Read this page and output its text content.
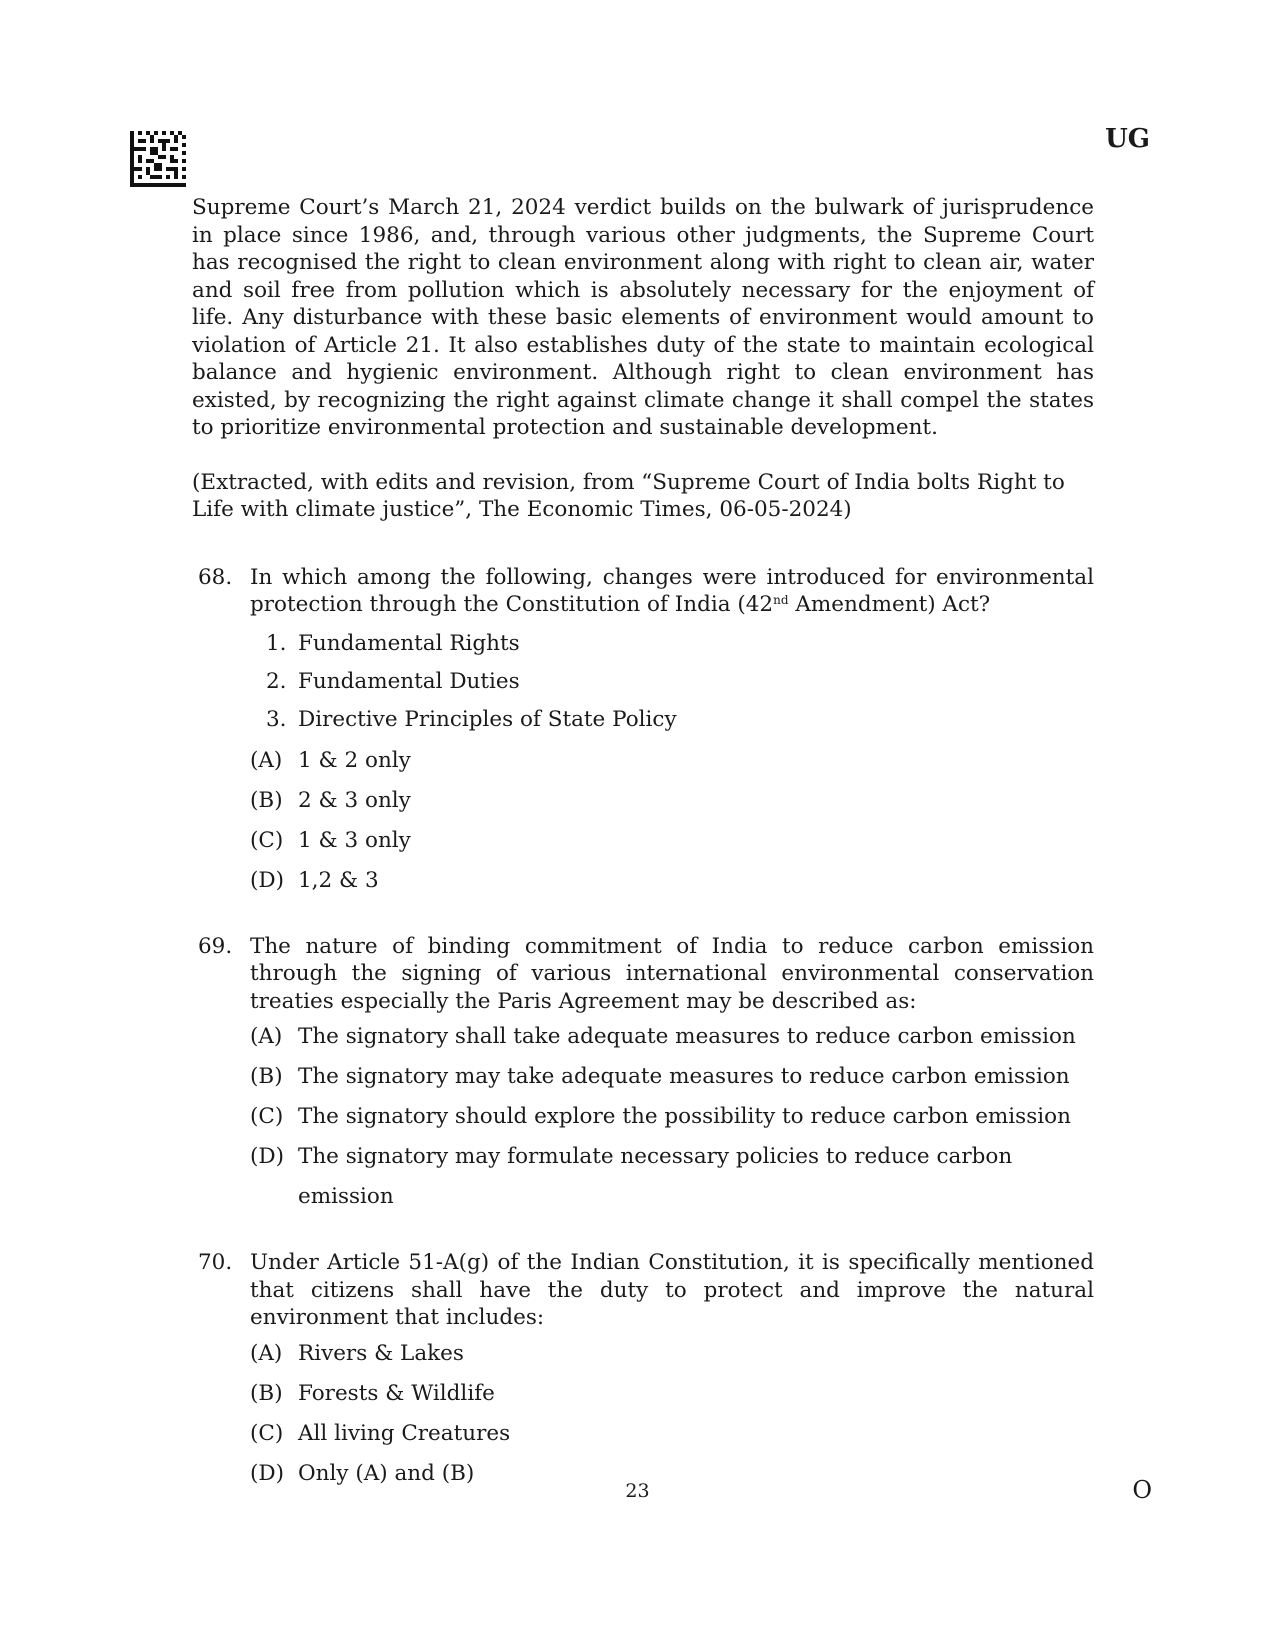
UG

Supreme Court’s March 21, 2024 verdict builds on the bulwark of jurisprudence in place since 1986, and, through various other judgments, the Supreme Court has recognised the right to clean environment along with right to clean air, water and soil free from pollution which is absolutely necessary for the enjoyment of life. Any disturbance with these basic elements of environment would amount to violation of Article 21. It also establishes duty of the state to maintain ecological balance and hygienic environment. Although right to clean environment has existed, by recognizing the right against climate change it shall compel the states to prioritize environmental protection and sustainable development.

(Extracted, with edits and revision, from “Supreme Court of India bolts Right to Life with climate justice”, The Economic Times, 06-05-2024)

68. In which among the following, changes were introduced for environmental protection through the Constitution of India (42nd Amendment) Act?

1. Fundamental Rights
2. Fundamental Duties
3. Directive Principles of State Policy
(A) 1 & 2 only
(B) 2 & 3 only
(C) 1 & 3 only
(D) 1,2 & 3
69. The nature of binding commitment of India to reduce carbon emission through the signing of various international environmental conservation treaties especially the Paris Agreement may be described as:

(A) The signatory shall take adequate measures to reduce carbon emission
(B) The signatory may take adequate measures to reduce carbon emission
(C) The signatory should explore the possibility to reduce carbon emission
(D) The signatory may formulate necessary policies to reduce carbon emission
70. Under Article 51-A(g) of the Indian Constitution, it is specifically mentioned that citizens shall have the duty to protect and improve the natural environment that includes:

(A) Rivers & Lakes
(B) Forests & Wildlife
(C) All living Creatures
(D) Only (A) and (B)
23	O
